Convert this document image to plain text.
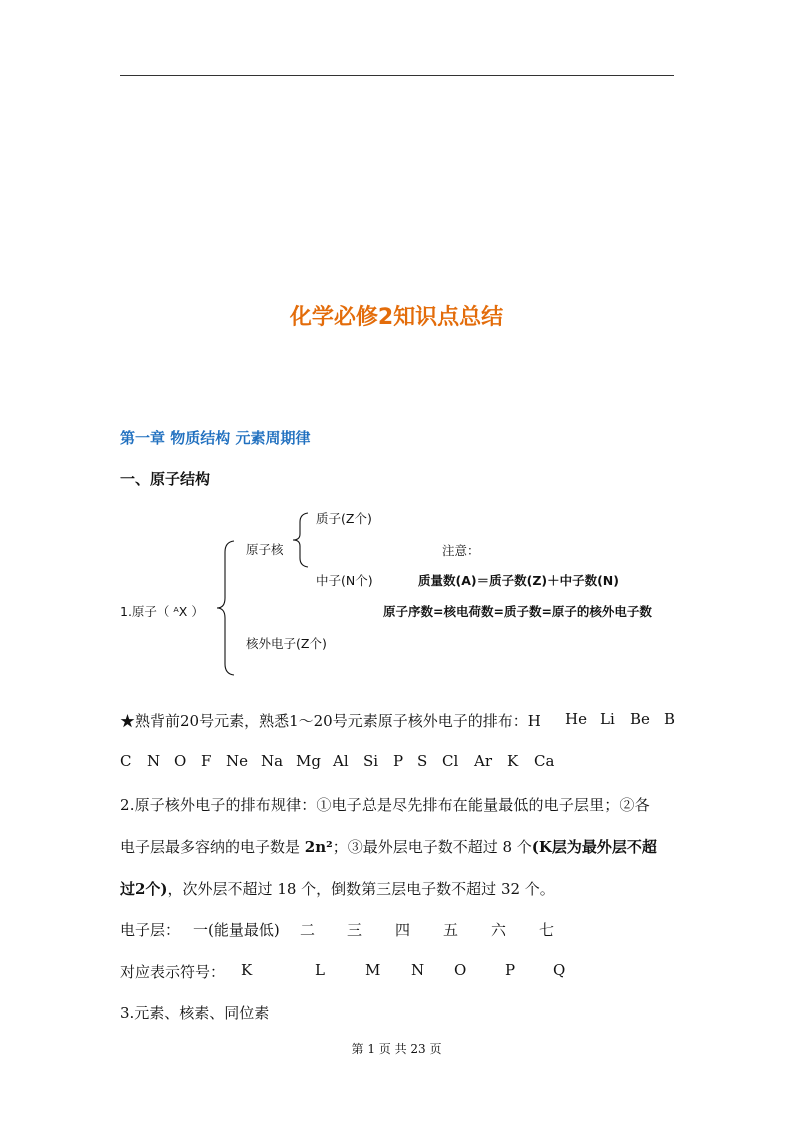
化学必修2知识点总结
第一章 物质结构 元素周期律
一、原子结构
质子(Z个)
原子核	注意：
中子(N个)	质量数(A)＝质子数(Z)＋中子数(N)
1.原子（ ᴬX ）	原子序数=核电荷数=质子数=原子的核外电子数
核外电子(Z个)
★熟背前20号元素，熟悉1～20号元素原子核外电子的排布：H He Li Be B
C N O F Ne Na Mg Al Si P S Cl Ar K Ca
2.原子核外电子的排布规律：①电子总是尽先排布在能量最低的电子层里；②各
电子层最多容纳的电子数是 2n²；③最外层电子数不超过 8 个(K层为最外层不超
过2个)，次外层不超过 18 个，倒数第三层电子数不超过 32 个。
电子层： 一(能量最低) 二 三 四 五 六 七
对应表示符号： K	L	M N O	P	Q
3.元素、核素、同位素
第 1 页 共 23 页
